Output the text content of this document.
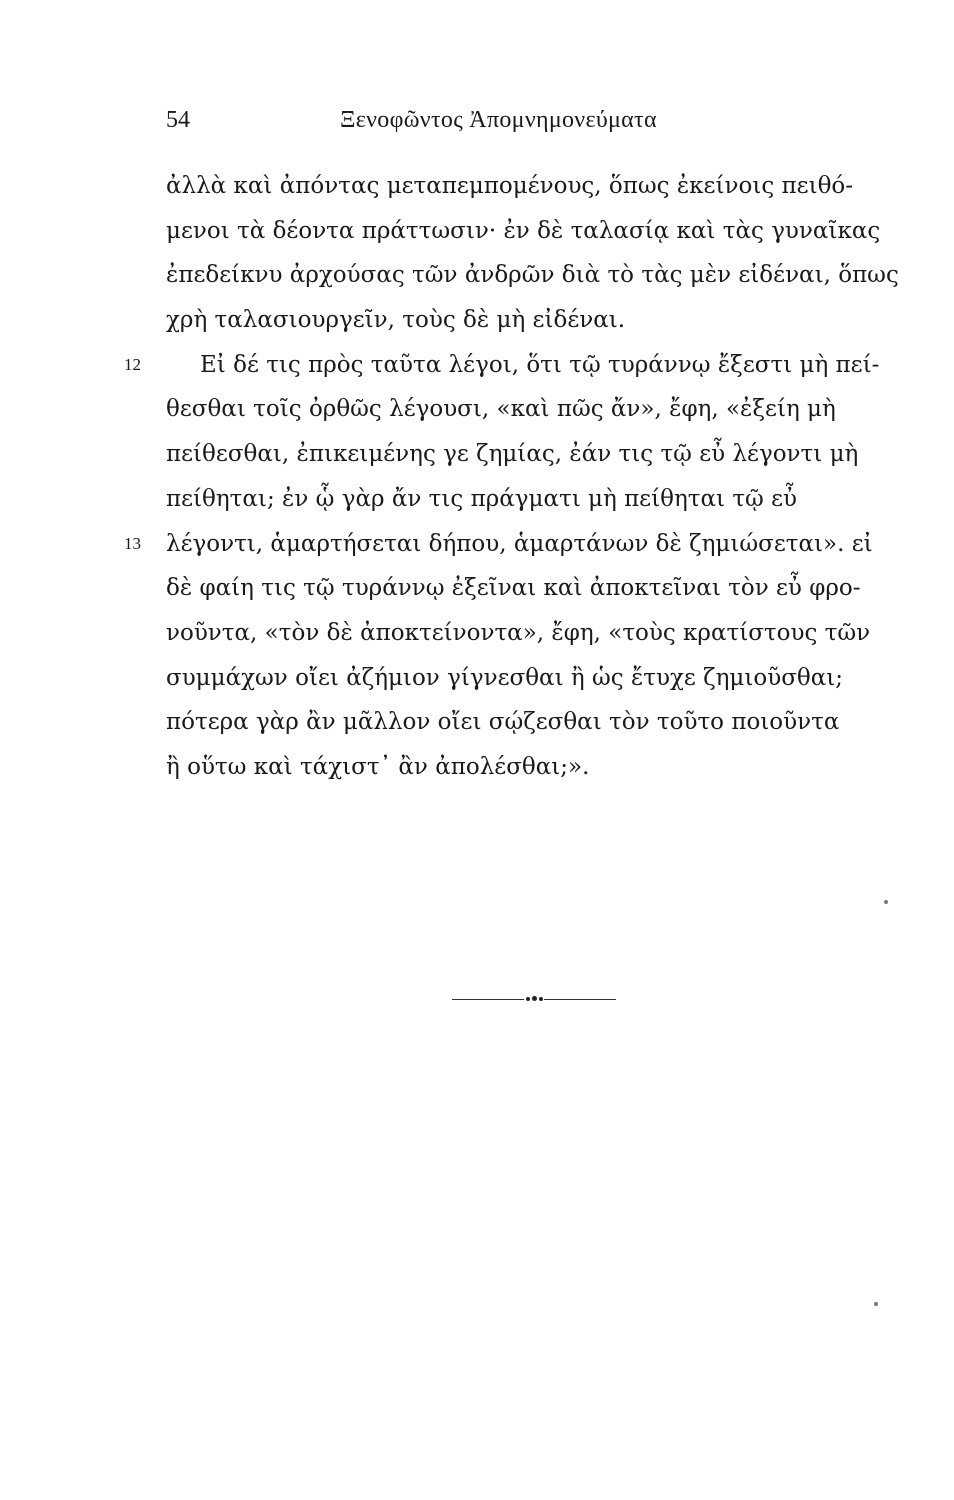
54	Ξενοφῶντος Ἀπομνημονεύματα
ἀλλὰ καὶ ἀπόντας μεταπεμπομένους, ὅπως ἐκείνοις πειθό-
μενοι τὰ δέοντα πράττωσιν· ἐν δὲ ταλασίᾳ καὶ τὰς γυναῖκας
ἐπεδείκνυ ἀρχούσας τῶν ἀνδρῶν διὰ τὸ τὰς μὲν εἰδέναι, ὅπως
χρὴ ταλασιουργεῖν, τοὺς δὲ μὴ εἰδέναι.
12	Εἰ δέ τις πρὸς ταῦτα λέγοι, ὅτι τῷ τυράννῳ ἔξεστι μὴ πεί-
θεσθαι τοῖς ὀρθῶς λέγουσι, «καὶ πῶς ἄν», ἔφη, «ἐξείη μὴ
πείθεσθαι, ἐπικειμένης γε ζημίας, ἐάν τις τῷ εὖ λέγοντι μὴ
πείθηται; ἐν ᾧ γὰρ ἄν τις πράγματι μὴ πείθηται τῷ εὖ
13 λέγοντι, ἁμαρτήσεται δήπου, ἁμαρτάνων δὲ ζημιώσεται». εἰ
δὲ φαίη τις τῷ τυράννῳ ἐξεῖναι καὶ ἀποκτεῖναι τὸν εὖ φρο-
νοῦντα, «τὸν δὲ ἀποκτείνοντα», ἔφη, «τοὺς κρατίστους τῶν
συμμάχων οἴει ἀζήμιον γίγνεσθαι ἢ ὡς ἔτυχε ζημιοῦσθαι;
πότερα γὰρ ἂν μᾶλλον οἴει σῴζεσθαι τὸν τοῦτο ποιοῦντα
ἢ οὕτω καὶ τάχιστ᾽ ἂν ἀπολέσθαι;».
